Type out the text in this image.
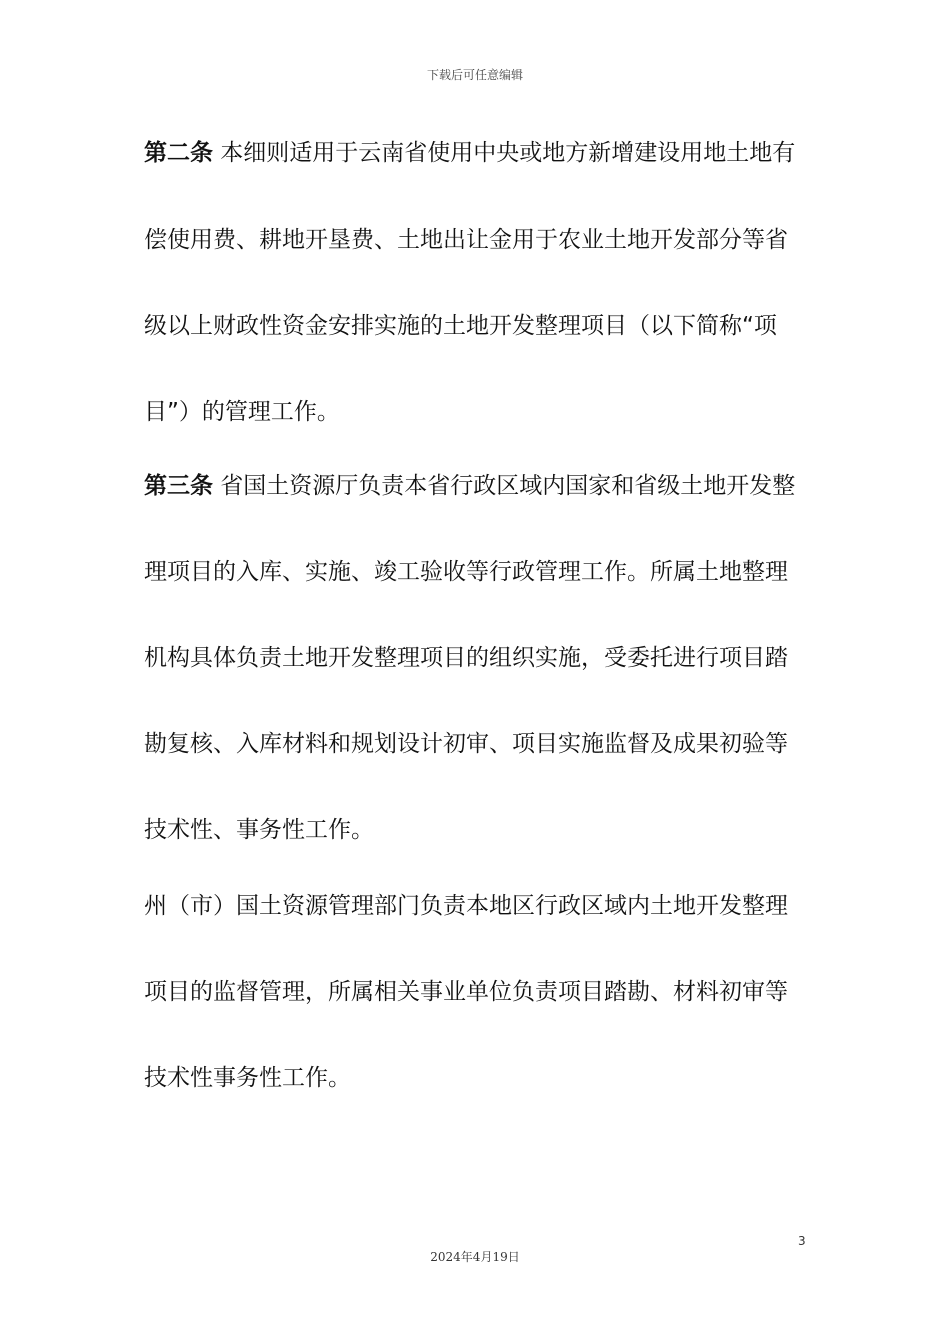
下载后可任意编辑
第二条 本细则适用于云南省使用中央或地方新增建设用地土地有
偿使用费、耕地开垦费、土地出让金用于农业土地开发部分等省
级以上财政性资金安排实施的土地开发整理项目（以下简称“项
目”）的管理工作。
第三条 省国土资源厅负责本省行政区域内国家和省级土地开发整
理项目的入库、实施、竣工验收等行政管理工作。所属土地整理
机构具体负责土地开发整理项目的组织实施，受委托进行项目踏
勘复核、入库材料和规划设计初审、项目实施监督及成果初验等
技术性、事务性工作。
州（市）国土资源管理部门负责本地区行政区域内土地开发整理
项目的监督管理，所属相关事业单位负责项目踏勘、材料初审等
技术性事务性工作。
3
2024年4月19日
